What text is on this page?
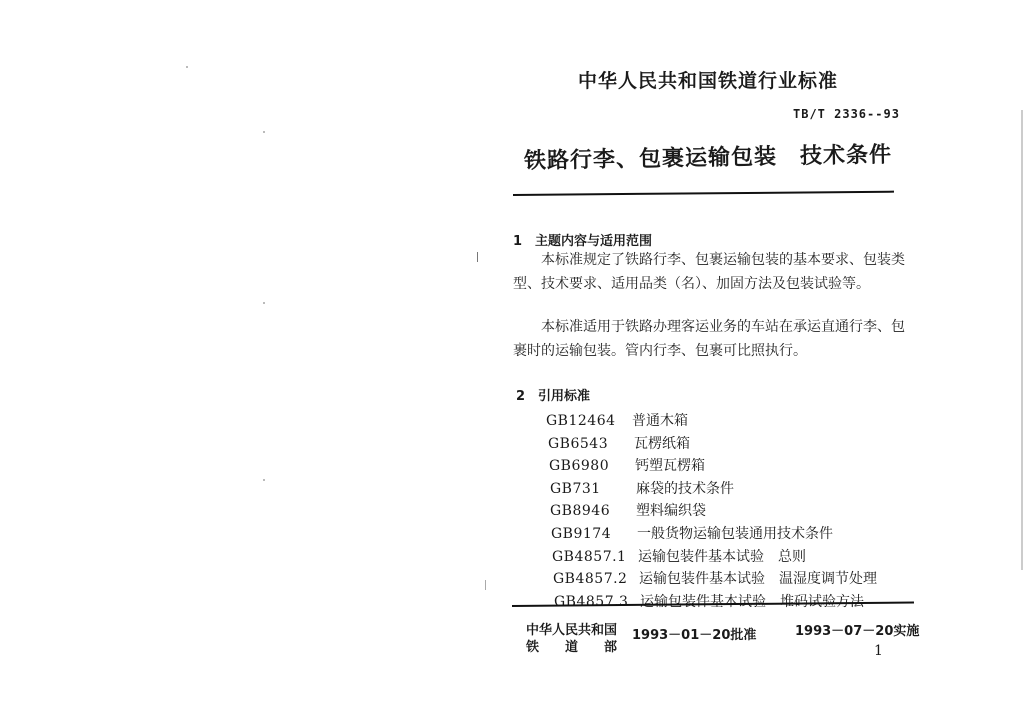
中华人民共和国铁道行业标准
TB/T 2336--93
铁路行李、包裹运输包装　技术条件
1　主题内容与适用范围
本标准规定了铁路行李、包裹运输包装的基本要求、包装类型、技术要求、适用品类（名）、加固方法及包装试验等。
本标准适用于铁路办理客运业务的车站在承运直通行李、包裹时的运输包装。管内行李、包裹可比照执行。
2　引用标准
GB12464 普通木箱
GB6543 瓦楞纸箱
GB6980 钙塑瓦楞箱
GB731	麻袋的技术条件
GB8946 塑料编织袋
GB9174 一般货物运输包装通用技术条件
GB4857.1 运输包装件基本试验　总则
GB4857.2 运输包装件基本试验　温湿度调节处理
GB4857.3 运输包装件基本试验　堆码试验方法
中华人民共和国
铁　　道　　部
1993－01－20批准	1993－07－20实施
1
